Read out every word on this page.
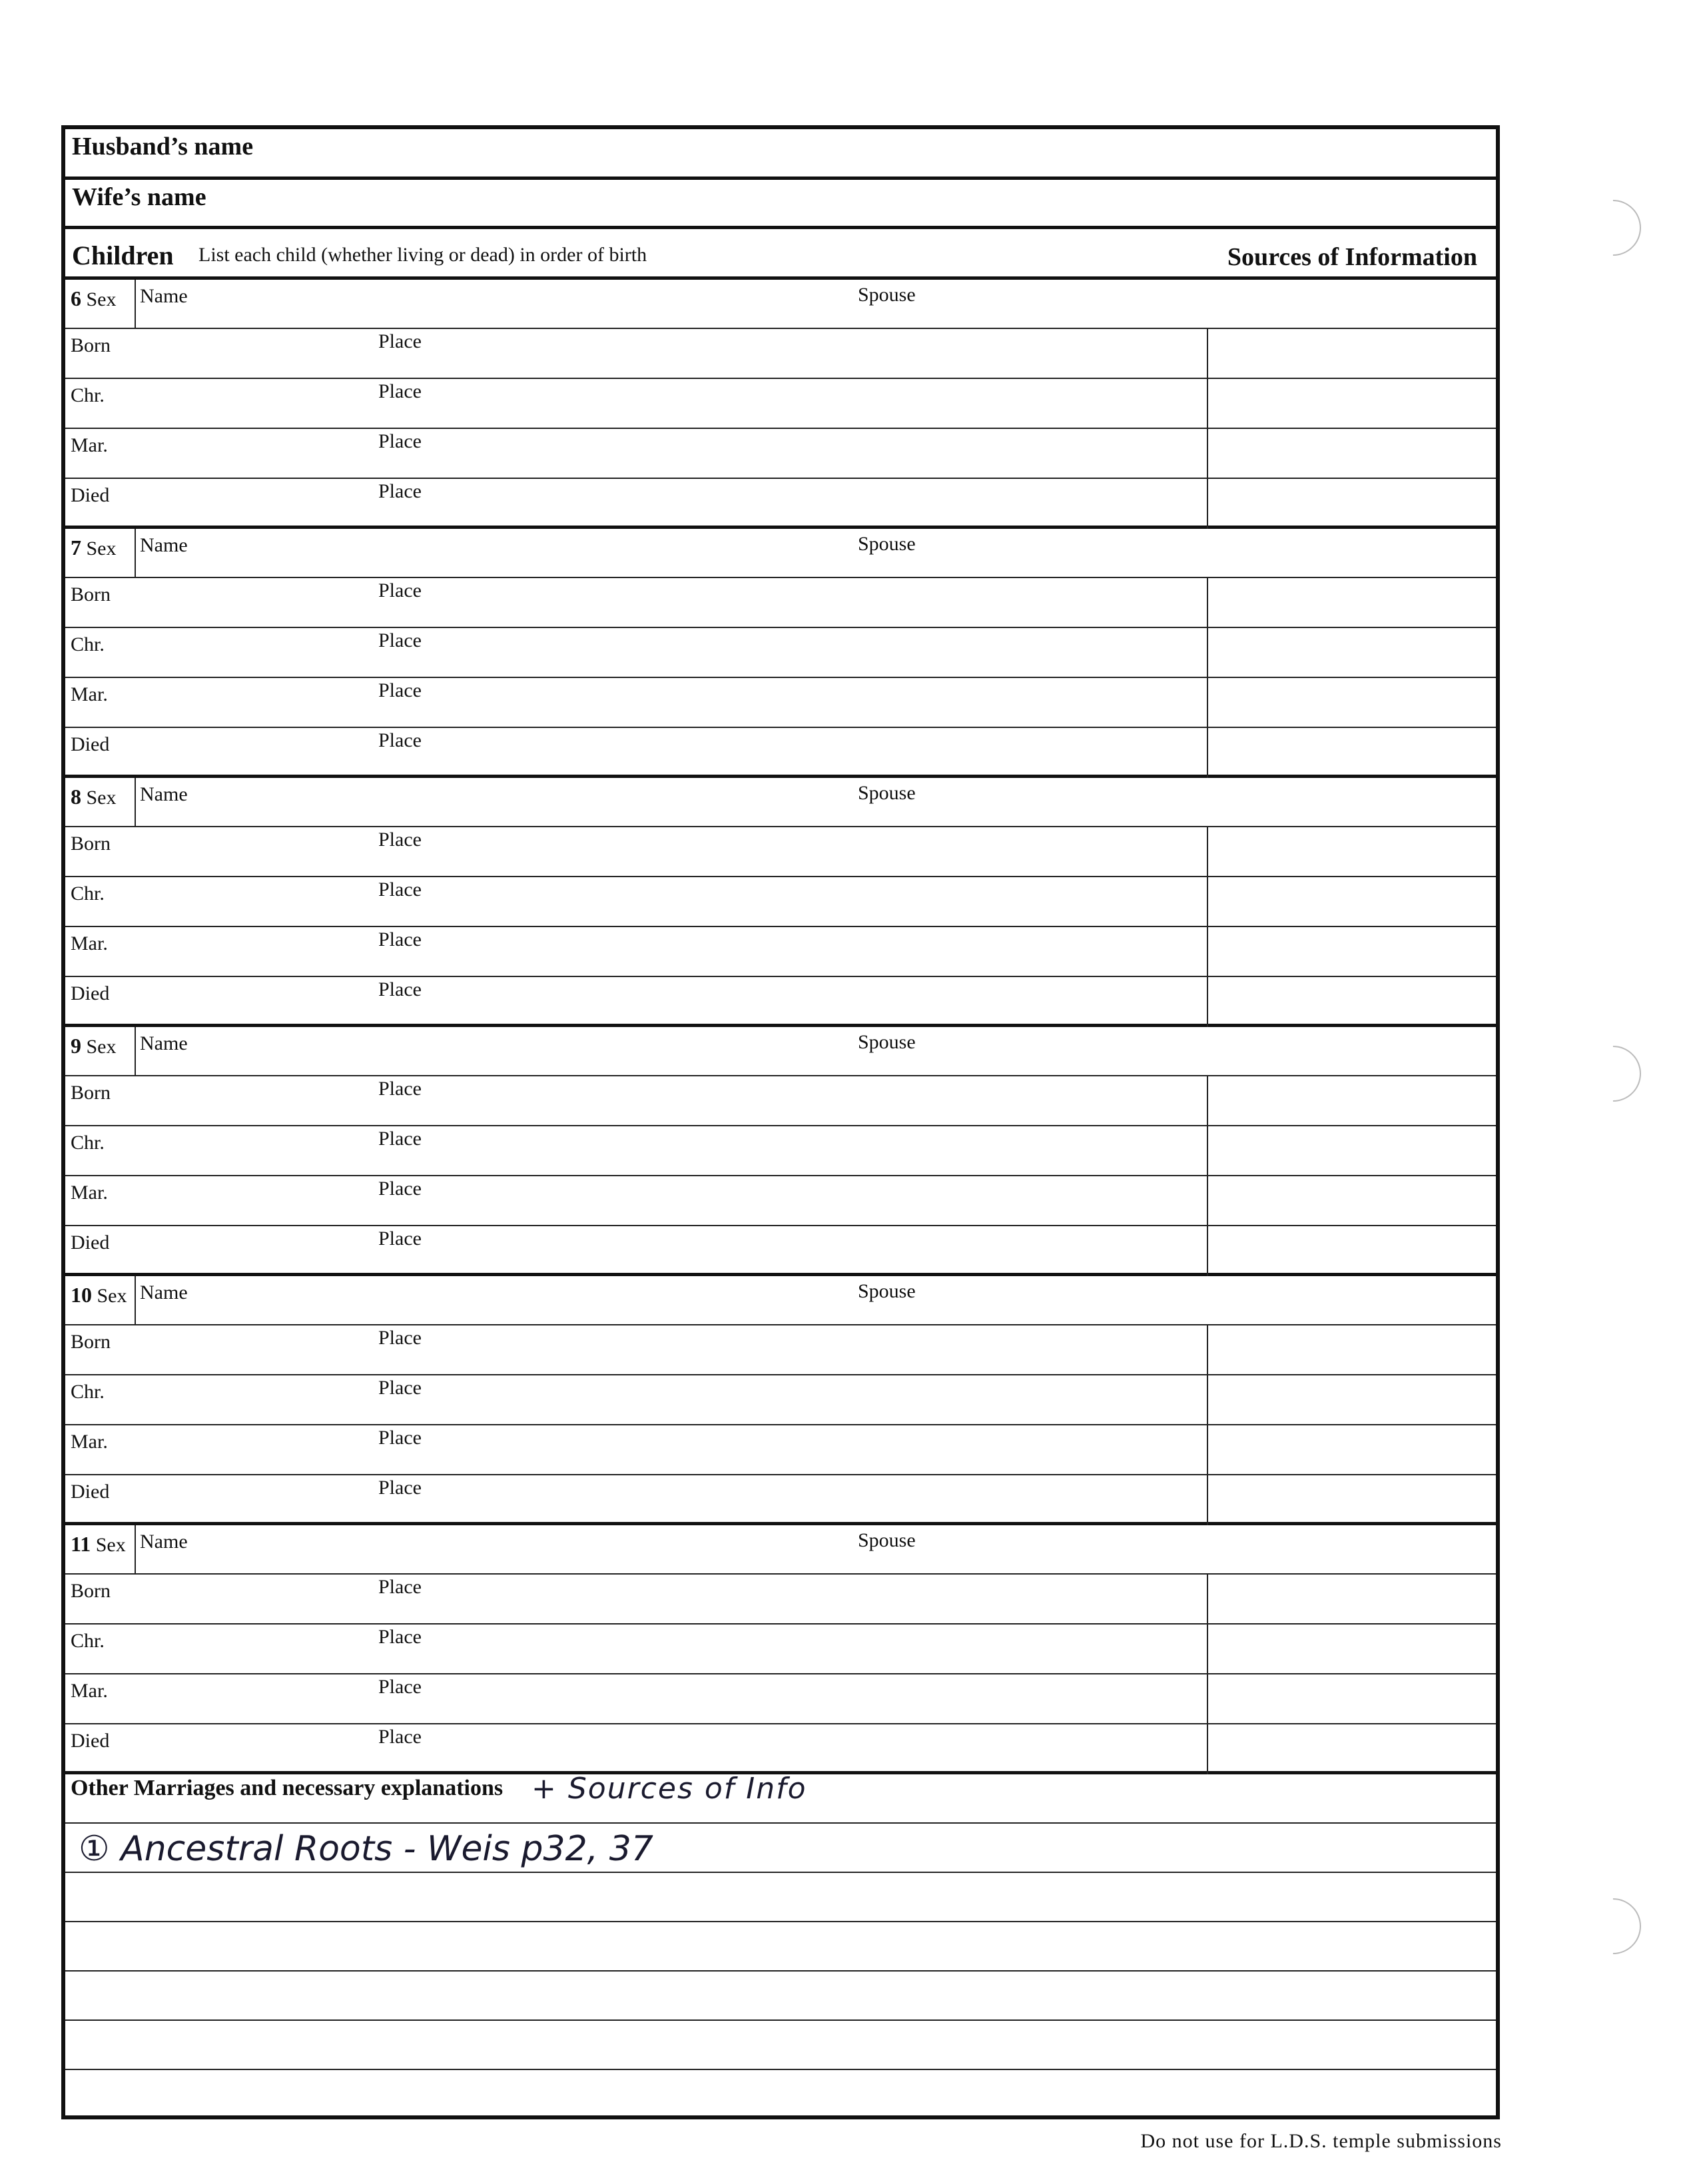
Husband’s name
Wife’s name
Children List each child (whether living or dead) in order of birth	Sources of Information
6 Sex Name	Spouse
Born	Place
Chr.	Place
Mar.	Place
Died	Place
7 Sex Name	Spouse
Born	Place
Chr.	Place
Mar.	Place
Died	Place
8 Sex Name	Spouse
Born	Place
Chr.	Place
Mar.	Place
Died	Place
9 Sex Name	Spouse
Born	Place
Chr.	Place
Mar.	Place
Died	Place
10 Sex Name	Spouse
Born	Place
Chr.	Place
Mar.	Place
Died	Place
11 Sex Name	Spouse
Born	Place
Chr.	Place
Mar.	Place
Died	Place
Other Marriages and necessary explanations + Sources of Info
① Ancestral Roots - Weis p32, 37
Do not use for L.D.S. temple submissions
